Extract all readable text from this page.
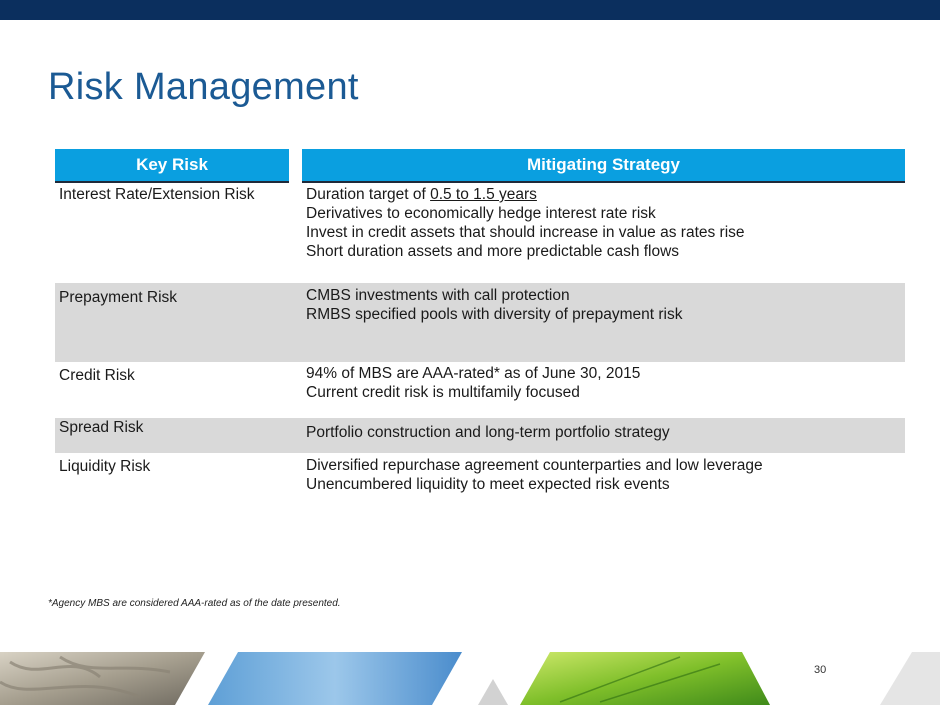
Risk Management
Key Risk	Mitigating Strategy
Interest Rate/Extension Risk	Duration target of 0.5 to 1.5 years
Derivatives to economically hedge interest rate risk
Invest in credit assets that should increase in value as rates rise
Short duration assets and more predictable cash flows
Prepayment Risk	CMBS investments with call protection
RMBS specified pools with diversity of prepayment risk
Credit Risk	94% of MBS are AAA-rated* as of June 30, 2015
Current credit risk is multifamily focused
Spread Risk	Portfolio construction and long-term portfolio strategy
Liquidity Risk	Diversified repurchase agreement counterparties and low leverage
Unencumbered liquidity to meet expected risk events
*Agency MBS are considered AAA-rated as of the date presented.
30
